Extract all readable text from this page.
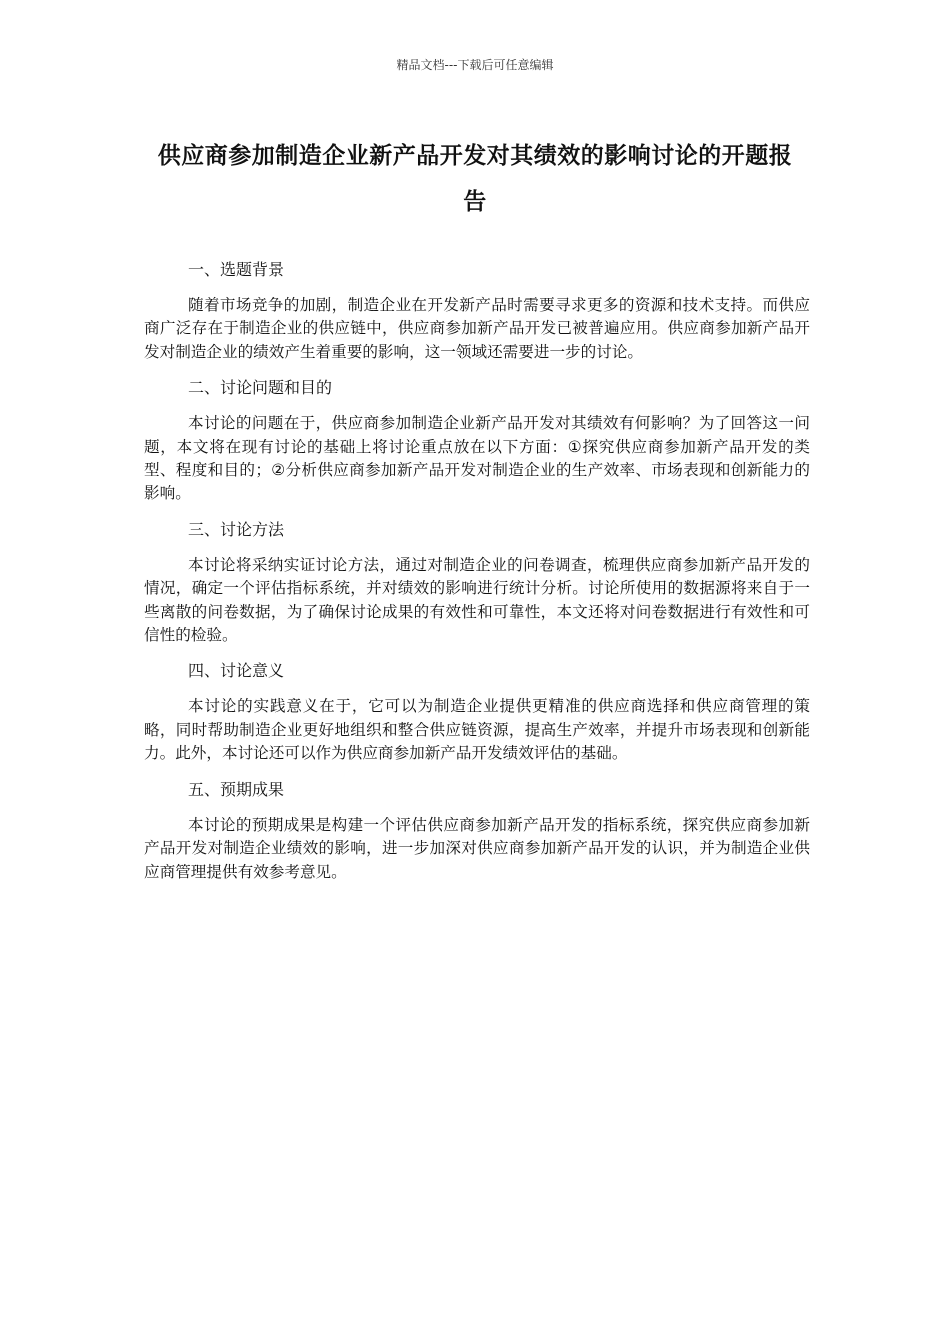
精品文档---下载后可任意编辑
供应商参加制造企业新产品开发对其绩效的影响讨论的开题报告

一、选题背景

随着市场竞争的加剧，制造企业在开发新产品时需要寻求更多的资源和技术支持。而供应商广泛存在于制造企业的供应链中，供应商参加新产品开发已被普遍应用。供应商参加新产品开发对制造企业的绩效产生着重要的影响，这一领域还需要进一步的讨论。

二、讨论问题和目的

本讨论的问题在于，供应商参加制造企业新产品开发对其绩效有何影响？为了回答这一问题，本文将在现有讨论的基础上将讨论重点放在以下方面：①探究供应商参加新产品开发的类型、程度和目的；②分析供应商参加新产品开发对制造企业的生产效率、市场表现和创新能力的影响。

三、讨论方法

本讨论将采纳实证讨论方法，通过对制造企业的问卷调查，梳理供应商参加新产品开发的情况，确定一个评估指标系统，并对绩效的影响进行统计分析。讨论所使用的数据源将来自于一些离散的问卷数据，为了确保讨论成果的有效性和可靠性，本文还将对问卷数据进行有效性和可信性的检验。

四、讨论意义

本讨论的实践意义在于，它可以为制造企业提供更精准的供应商选择和供应商管理的策略，同时帮助制造企业更好地组织和整合供应链资源，提高生产效率，并提升市场表现和创新能力。此外，本讨论还可以作为供应商参加新产品开发绩效评估的基础。

五、预期成果

本讨论的预期成果是构建一个评估供应商参加新产品开发的指标系统，探究供应商参加新产品开发对制造企业绩效的影响，进一步加深对供应商参加新产品开发的认识，并为制造企业供应商管理提供有效参考意见。
